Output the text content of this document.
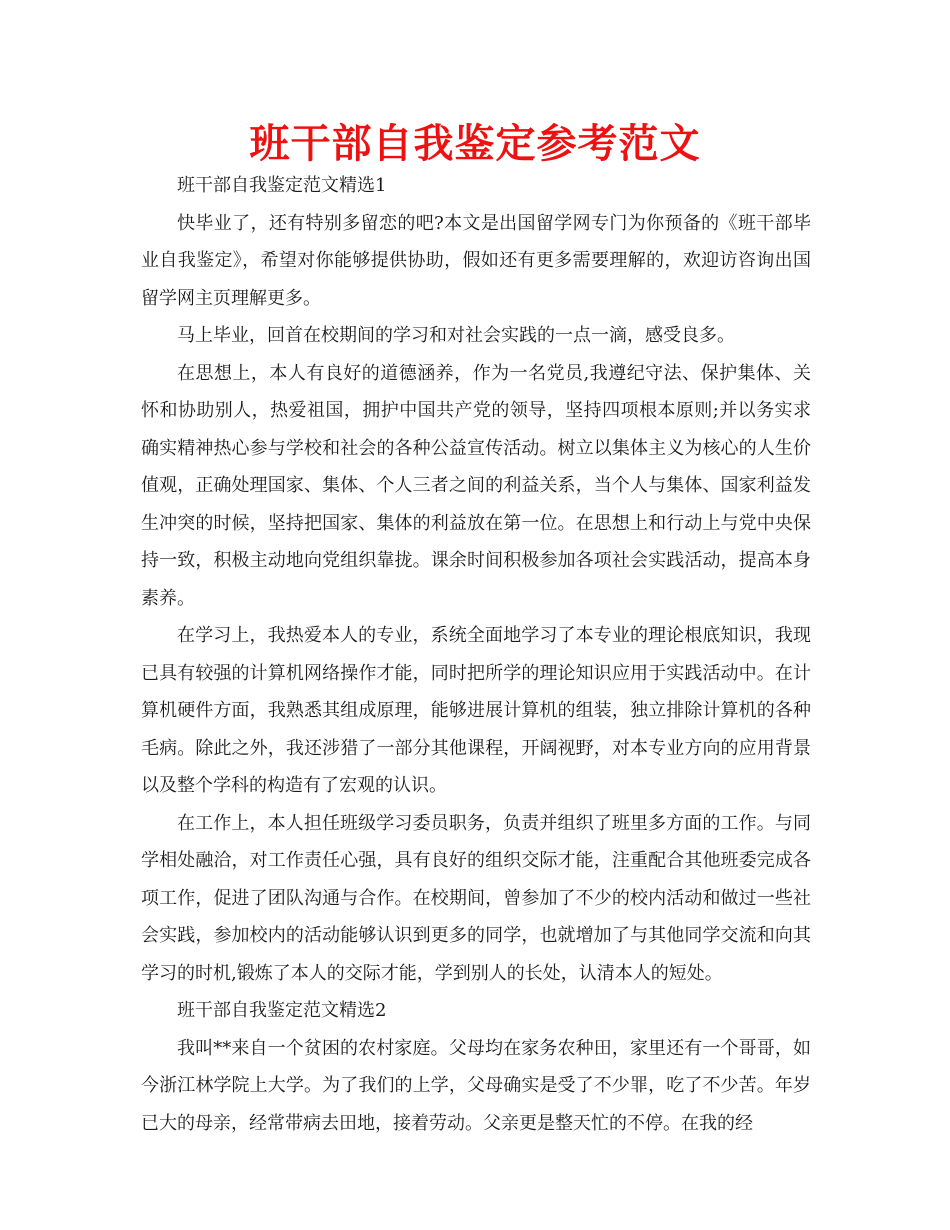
班干部自我鉴定参考范文

班干部自我鉴定范文精选1

快毕业了，还有特别多留恋的吧?本文是出国留学网专门为你预备的《班干部毕业自我鉴定》，希望对你能够提供协助，假如还有更多需要理解的，欢迎访咨询出国留学网主页理解更多。

马上毕业，回首在校期间的学习和对社会实践的一点一滴，感受良多。

在思想上，本人有良好的道德涵养，作为一名党员,我遵纪守法、保护集体、关怀和协助别人，热爱祖国，拥护中国共产党的领导，坚持四项根本原则;并以务实求确实精神热心参与学校和社会的各种公益宣传活动。树立以集体主义为核心的人生价值观，正确处理国家、集体、个人三者之间的利益关系，当个人与集体、国家利益发生冲突的时候，坚持把国家、集体的利益放在第一位。在思想上和行动上与党中央保持一致，积极主动地向党组织靠拢。课余时间积极参加各项社会实践活动，提高本身素养。

在学习上，我热爱本人的专业，系统全面地学习了本专业的理论根底知识，我现已具有较强的计算机网络操作才能，同时把所学的理论知识应用于实践活动中。在计算机硬件方面，我熟悉其组成原理，能够进展计算机的组装，独立排除计算机的各种毛病。除此之外，我还涉猎了一部分其他课程，开阔视野，对本专业方向的应用背景以及整个学科的构造有了宏观的认识。

在工作上，本人担任班级学习委员职务，负责并组织了班里多方面的工作。与同学相处融洽，对工作责任心强，具有良好的组织交际才能，注重配合其他班委完成各项工作，促进了团队沟通与合作。在校期间，曾参加了不少的校内活动和做过一些社会实践，参加校内的活动能够认识到更多的同学，也就增加了与其他同学交流和向其学习的时机,锻炼了本人的交际才能，学到别人的长处，认清本人的短处。

班干部自我鉴定范文精选2

我叫**来自一个贫困的农村家庭。父母均在家务农种田，家里还有一个哥哥，如今浙江林学院上大学。为了我们的上学，父母确实是受了不少罪，吃了不少苦。年岁已大的母亲，经常带病去田地，接着劳动。父亲更是整天忙的不停。在我的经
